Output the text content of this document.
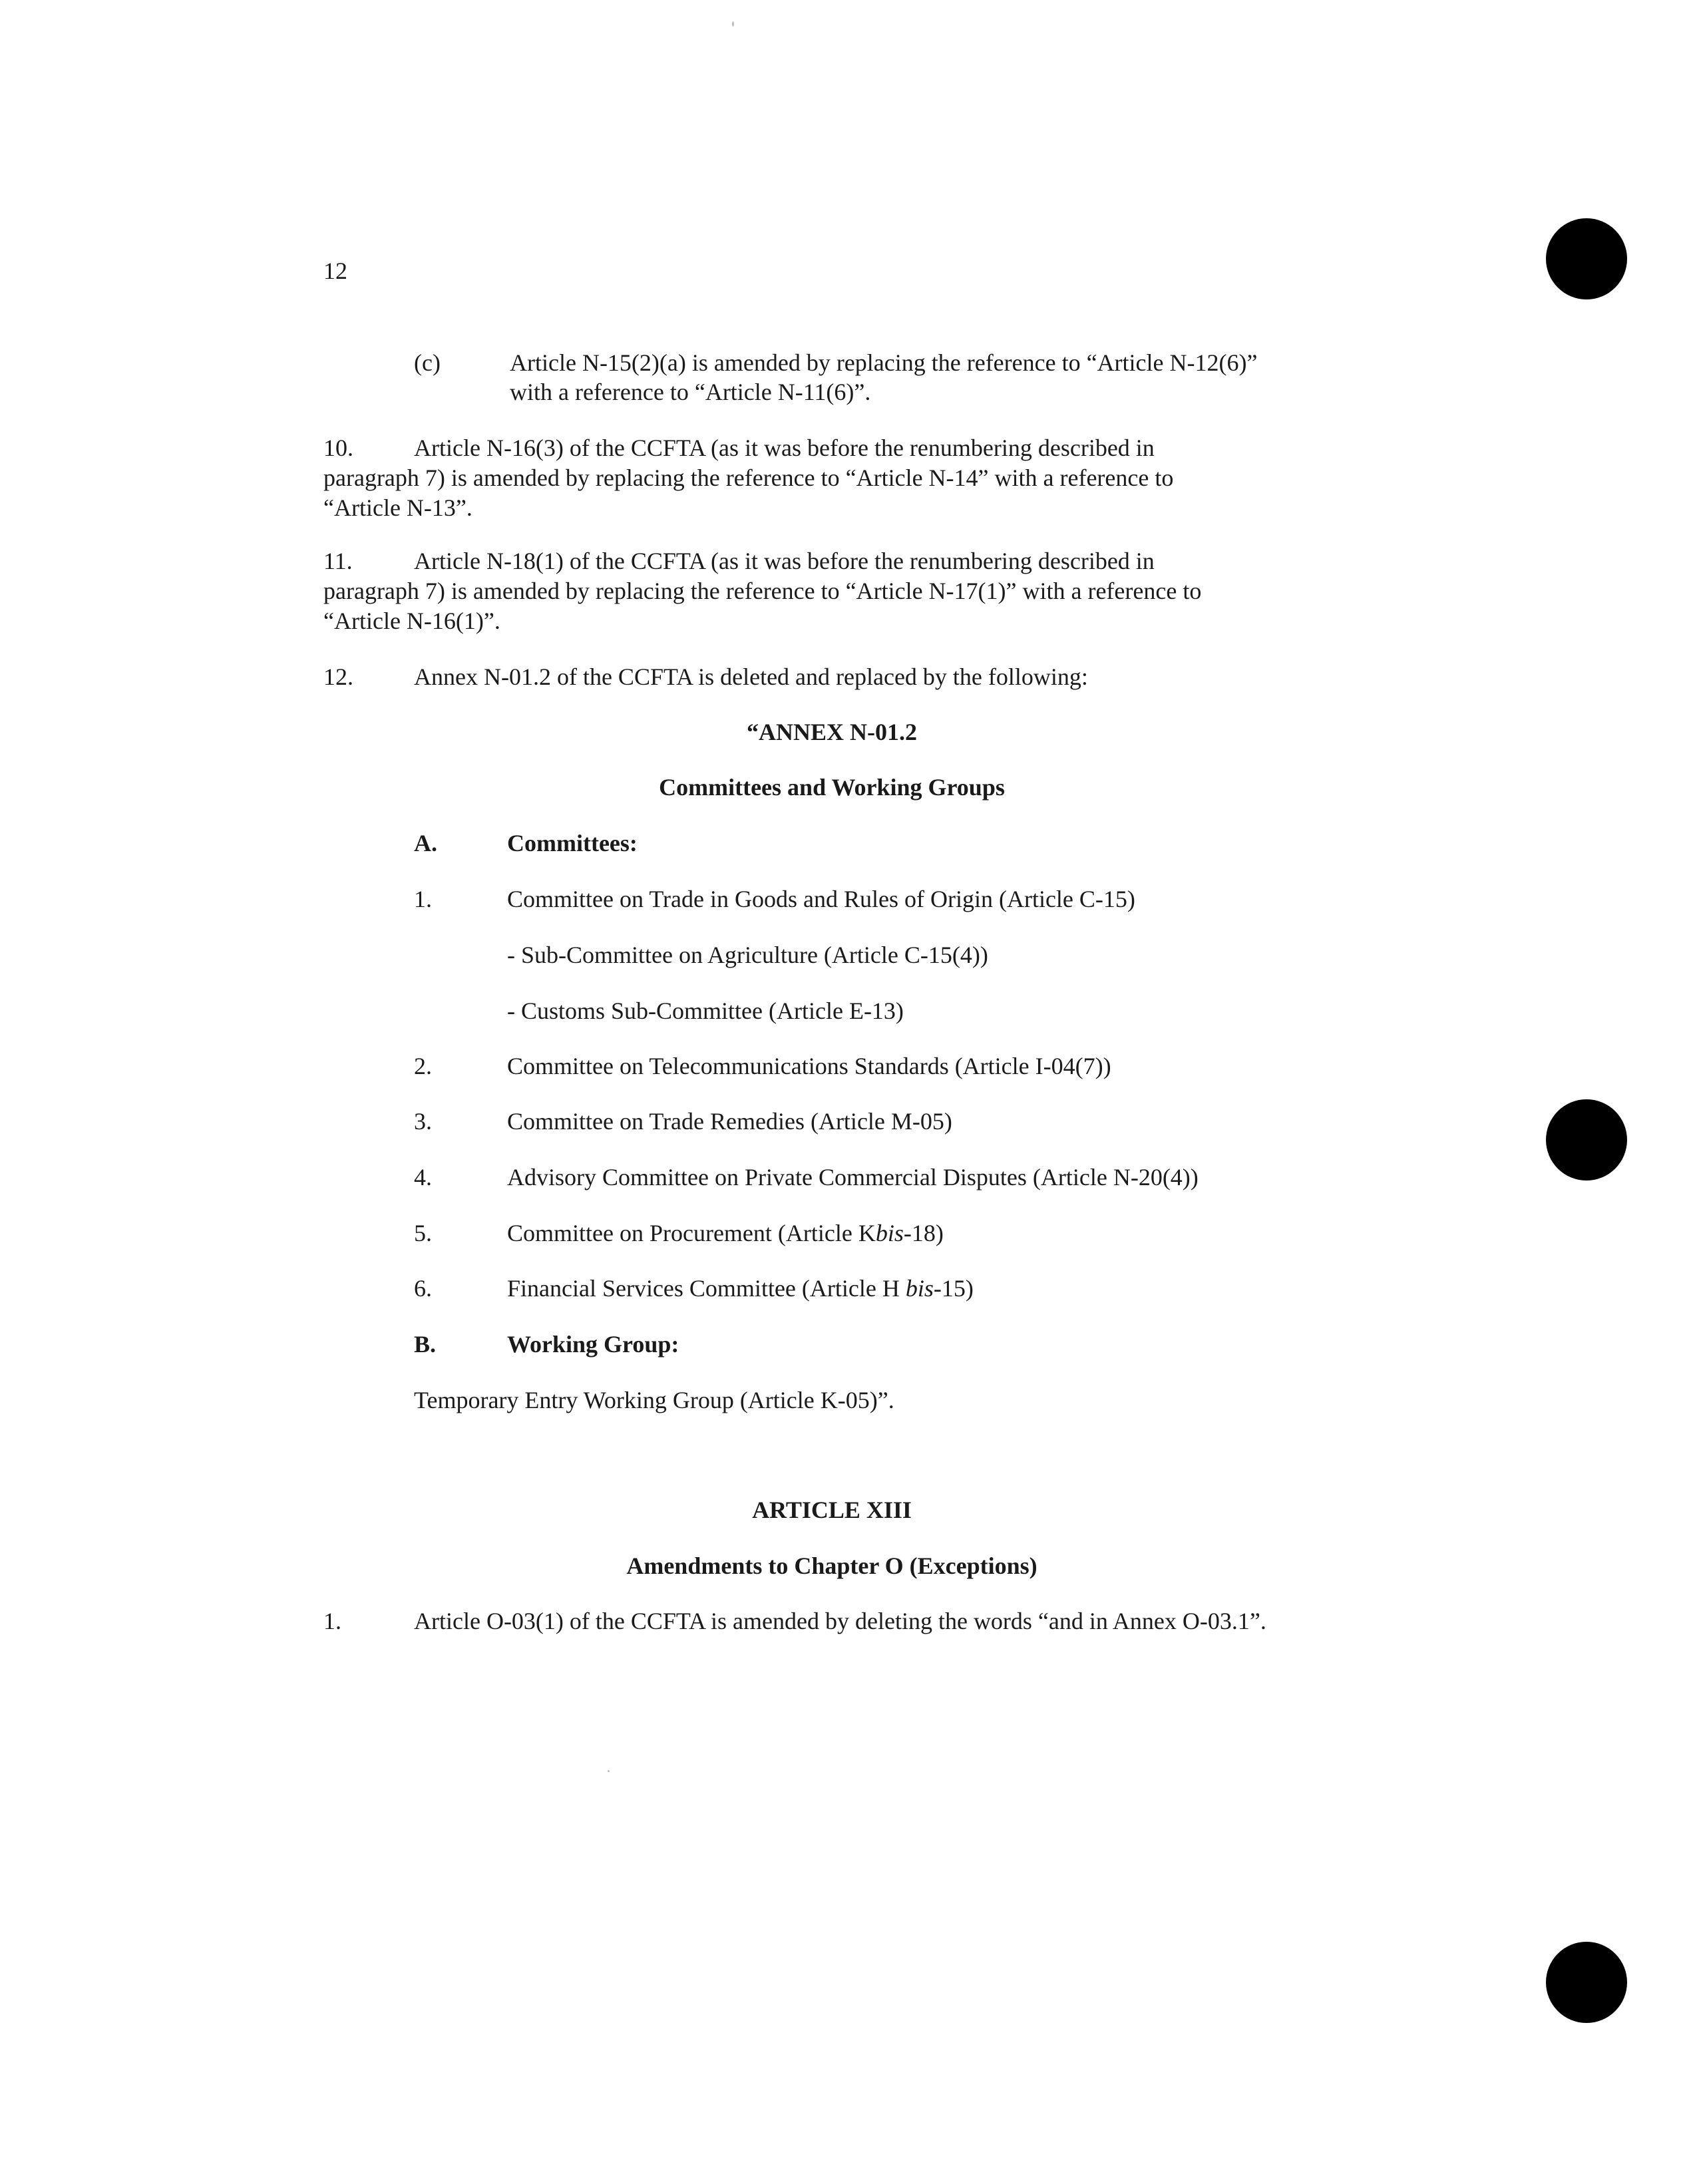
12
(c)	Article N-15(2)(a) is amended by replacing the reference to “Article N-12(6)”
with a reference to “Article N-11(6)”.
10.	Article N-16(3) of the CCFTA (as it was before the renumbering described in
paragraph 7) is amended by replacing the reference to “Article N-14” with a reference to
“Article N-13”.
11.	Article N-18(1) of the CCFTA (as it was before the renumbering described in
paragraph 7) is amended by replacing the reference to “Article N-17(1)” with a reference to
“Article N-16(1)”.
12.	Annex N-01.2 of the CCFTA is deleted and replaced by the following:
“ANNEX N-01.2
Committees and Working Groups
A.	Committees:
1.	Committee on Trade in Goods and Rules of Origin (Article C-15)
- Sub-Committee on Agriculture (Article C-15(4))
- Customs Sub-Committee (Article E-13)
2.	Committee on Telecommunications Standards (Article I-04(7))
3.	Committee on Trade Remedies (Article M-05)
4.	Advisory Committee on Private Commercial Disputes (Article N-20(4))
5.	Committee on Procurement (Article Kbis-18)
6.	Financial Services Committee (Article H bis-15)
B.	Working Group:
Temporary Entry Working Group (Article K-05)”.
ARTICLE XIII
Amendments to Chapter O (Exceptions)
1.	Article O-03(1) of the CCFTA is amended by deleting the words “and in Annex O-03.1”.
